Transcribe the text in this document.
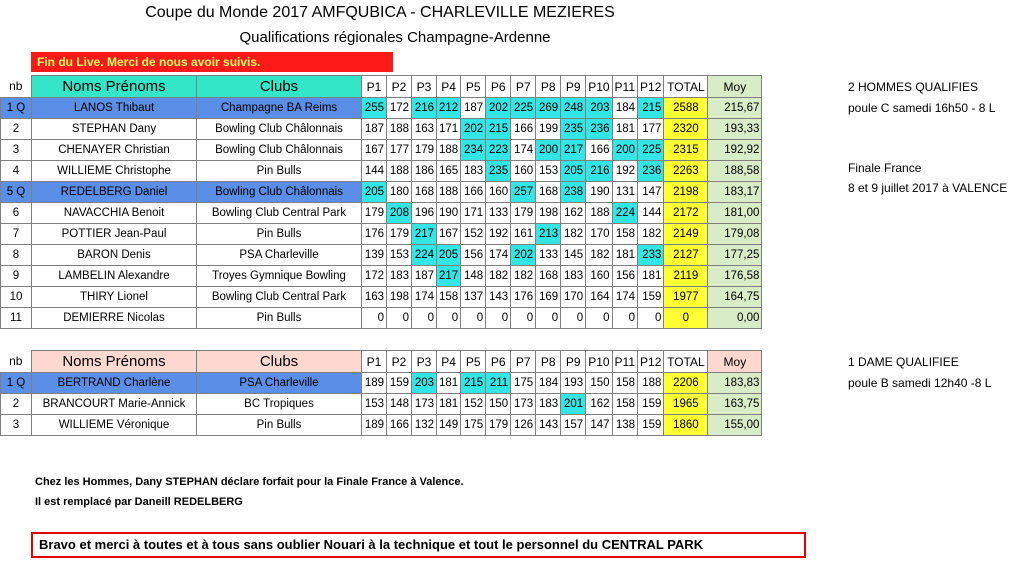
Coupe du Monde 2017 AMFQUBICA - CHARLEVILLE MEZIERES
Qualifications régionales Champagne-Ardenne
Fin du Live. Merci de nous avoir suivis.
nb	Noms Prénoms	Clubs	P1	P2	P3	P4	P5	P6	P7	P8	P9	P10	P11	P12	TOTAL	Moy
1 Q	LANOS Thibaut	Champagne BA Reims	255	172	216	212	187	202	225	269	248	203	184	215	2588	215,67
2	STEPHAN Dany	Bowling Club Châlonnais	187	188	163	171	202	215	166	199	235	236	181	177	2320	193,33
3	CHENAYER Christian	Bowling Club Châlonnais	167	177	179	188	234	223	174	200	217	166	200	225	2315	192,92
4	WILLIEME Christophe	Pin Bulls	144	188	186	165	183	235	160	153	205	216	192	236	2263	188,58
5 Q	REDELBERG Daniel	Bowling Club Châlonnais	205	180	168	188	166	160	257	168	238	190	131	147	2198	183,17
6	NAVACCHIA Benoit	Bowling Club Central Park	179	208	196	190	171	133	179	198	162	188	224	144	2172	181,00
7	POTTIER Jean-Paul	Pin Bulls	176	179	217	167	152	192	161	213	182	170	158	182	2149	179,08
8	BARON Denis	PSA Charleville	139	153	224	205	156	174	202	133	145	182	181	233	2127	177,25
9	LAMBELIN Alexandre	Troyes Gymnique Bowling	172	183	187	217	148	182	182	168	183	160	156	181	2119	176,58
10	THIRY Lionel	Bowling Club Central Park	163	198	174	158	137	143	176	169	170	164	174	159	1977	164,75
11	DEMIERRE Nicolas	Pin Bulls	0	0	0	0	0	0	0	0	0	0	0	0	0	0,00
nb	Noms Prénoms	Clubs	P1	P2	P3	P4	P5	P6	P7	P8	P9	P10	P11	P12	TOTAL	Moy
1 Q	BERTRAND Charlène	PSA Charleville	189	159	203	181	215	211	175	184	193	150	158	188	2206	183,83
2	BRANCOURT Marie-Annick	BC Tropiques	153	148	173	181	152	150	173	183	201	162	158	159	1965	163,75
3	WILLIEME Véronique	Pin Bulls	189	166	132	149	175	179	126	143	157	147	138	159	1860	155,00
2 HOMMES QUALIFIES
poule C samedi 16h50 - 8 L
Finale France
8 et 9 juillet 2017 à VALENCE
1 DAME QUALIFIEE
poule B samedi 12h40 -8 L
Chez les Hommes, Dany STEPHAN déclare forfait pour la Finale France à Valence.
Il est remplacé par Daneill REDELBERG
Bravo et merci à toutes et à tous sans oublier Nouari à la technique et tout le personnel du CENTRAL PARK
